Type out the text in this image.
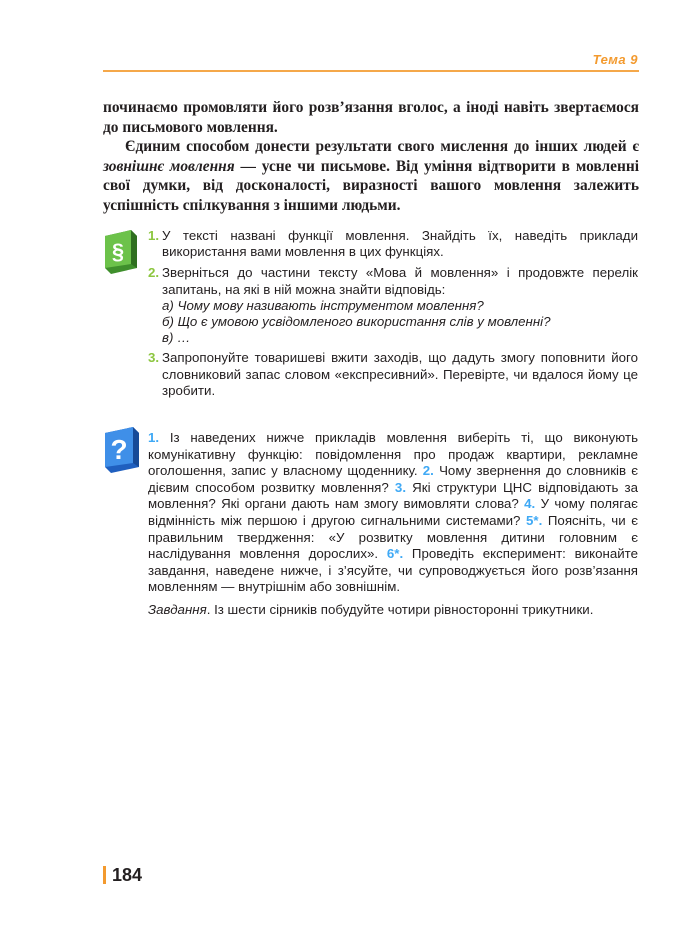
Тема 9

починаємо промовляти його розв’язання вголос, а іноді навіть звертаємося до письмового мовлення.

Єдиним способом донести результати свого мислення до інших людей є зовнішнє мовлення — усне чи письмове. Від уміння відтворити в мовленні свої думки, від досконалості, виразності вашого мовлення залежить успішність спілкування з іншими людьми.

§
1. У тексті названі функції мовлення. Знайдіть їх, наведіть приклади використання вами мовлення в цих функціях.
2. Зверніться до частини тексту «Мова й мовлення» і продовжте перелік запитань, на які в ній можна знайти відповідь:
а) Чому мову називають інструментом мовлення?
б) Що є умовою усвідомленого використання слів у мовленні?
в) …
3. Запропонуйте товаришеві вжити заходів, що дадуть змогу поповнити його словниковий запас словом «експресивний». Перевірте, чи вдалося йому це зробити.
? 1. Із наведених нижче прикладів мовлення виберіть ті, що виконують комунікативну функцію: повідомлення про продаж квартири, рекламне оголошення, запис у власному щоденнику. 2. Чому звернення до словників є дієвим способом розвитку мовлення? 3. Які структури ЦНС відповідають за мовлення? Які органи дають нам змогу вимовляти слова? 4. У чому полягає відмінність між першою і другою сигнальними системами? 5*. Поясніть, чи є правильним твердження: «У розвитку мовлення дитини головним є наслідування мовлення дорослих». 6*. Проведіть експеримент: виконайте завдання, наведене нижче, і з’ясуйте, чи супроводжується його розв’язання мовленням — внутрішнім або зовнішнім.

Завдання. Із шести сірників побудуйте чотири рівносторонні трикутники.

184
